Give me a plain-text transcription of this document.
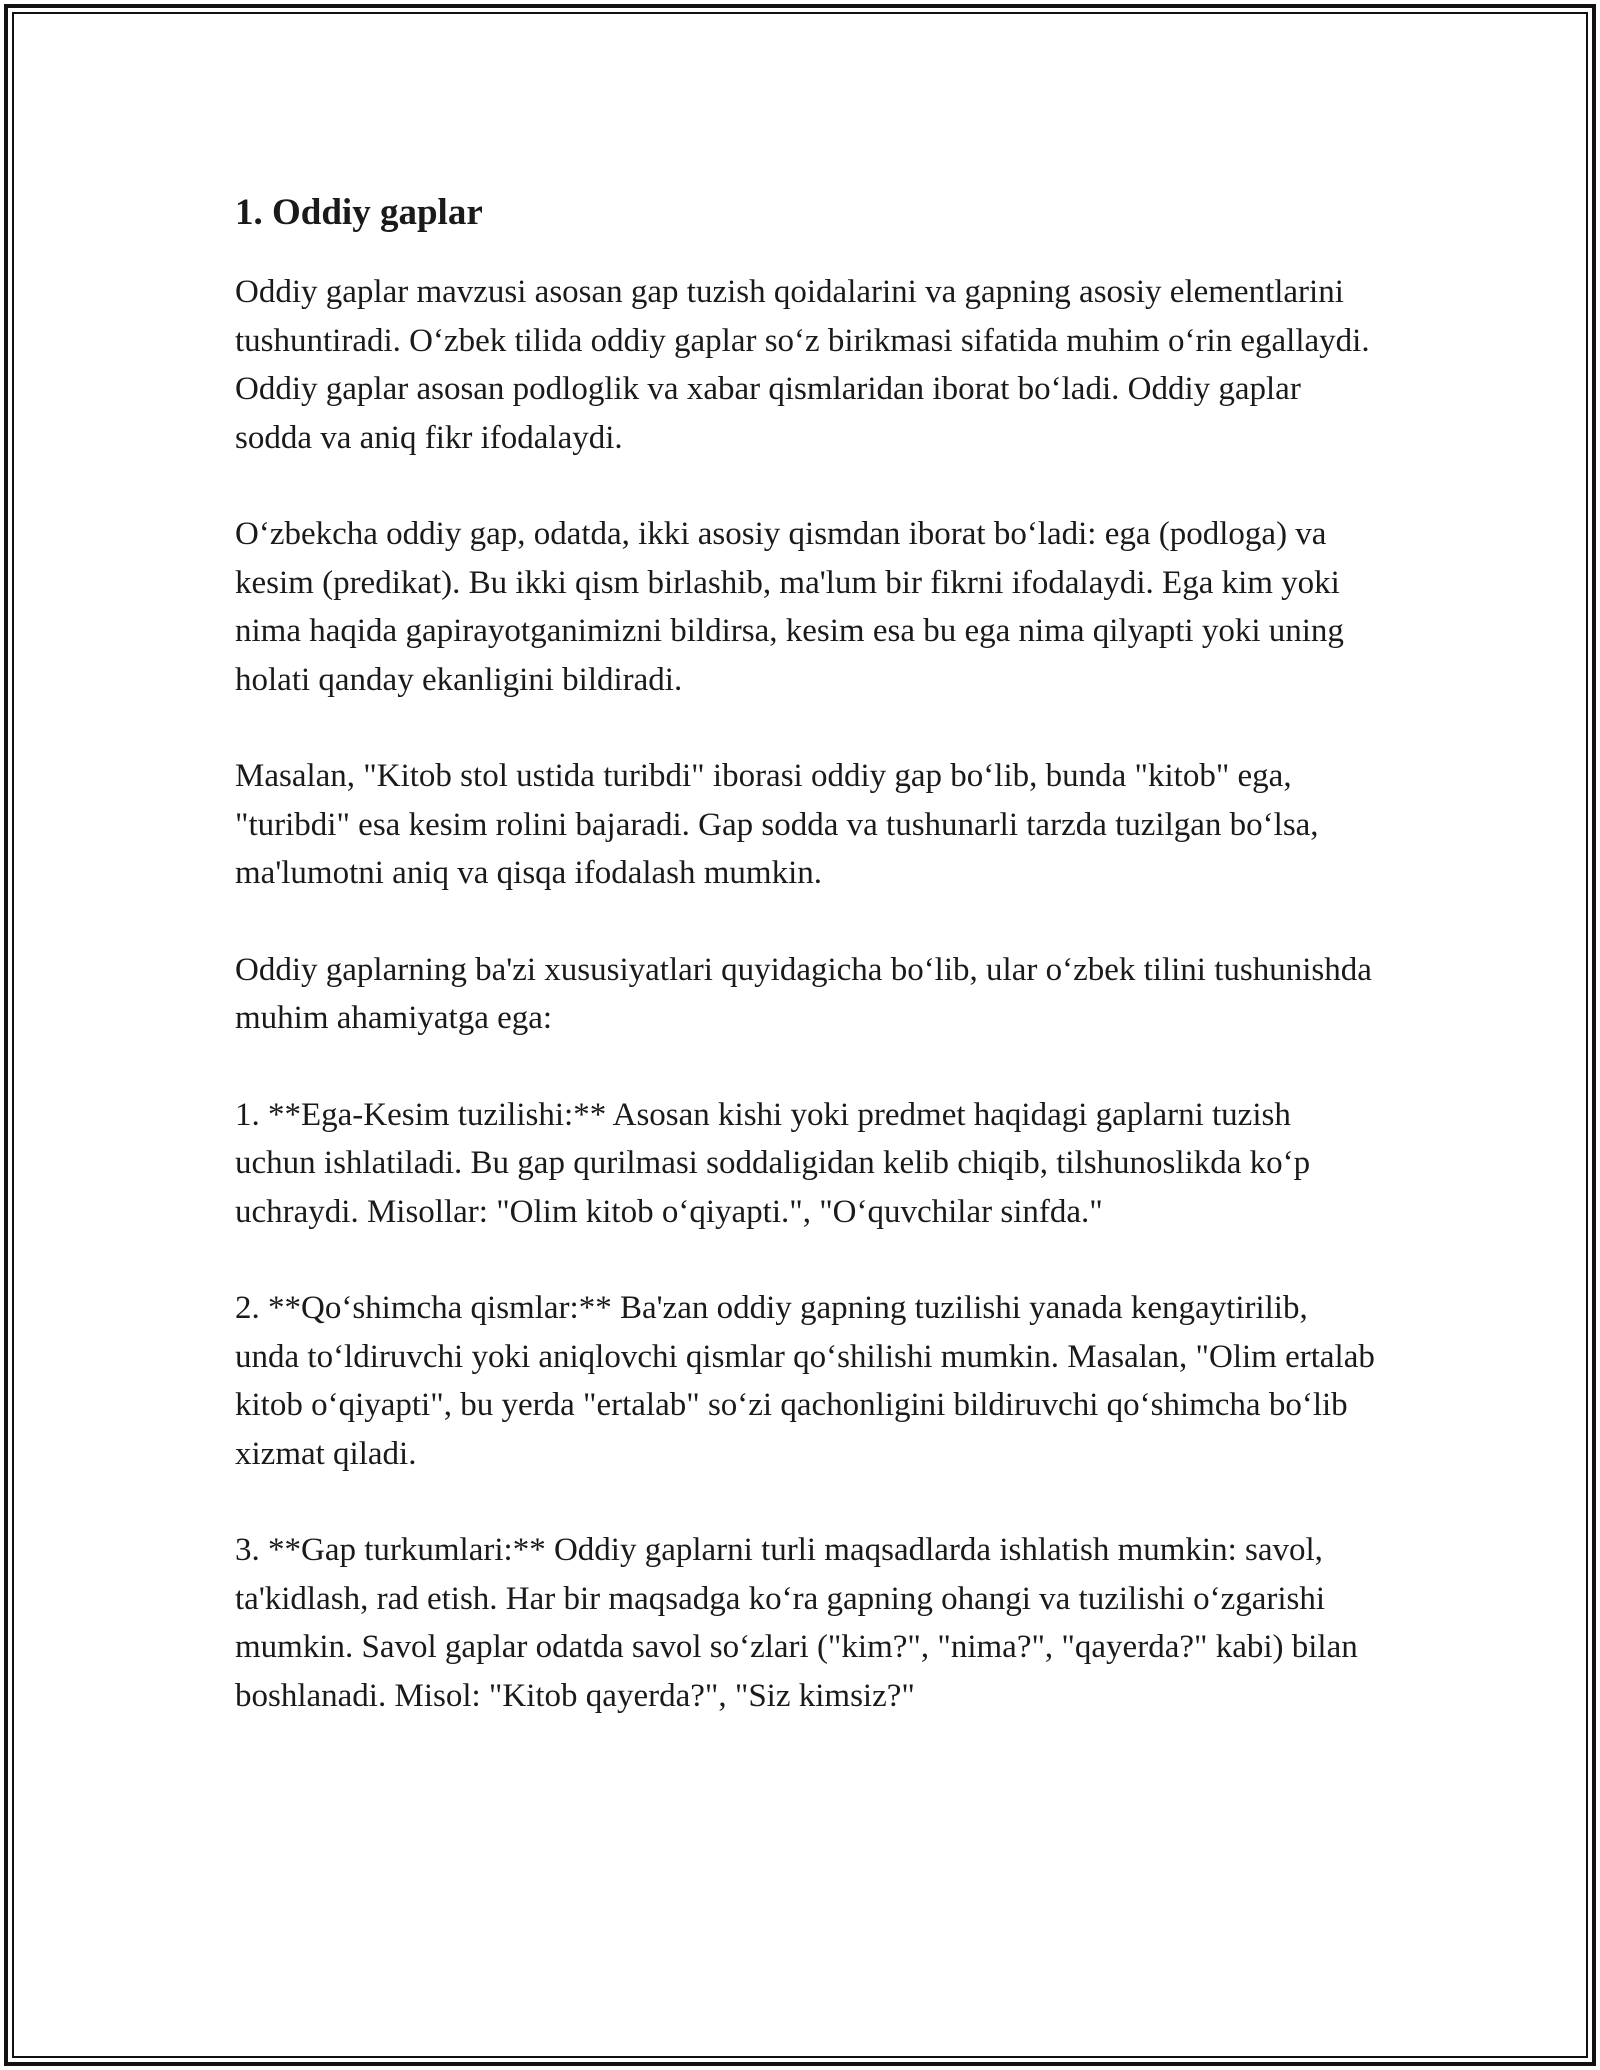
1. Oddiy gaplar

Oddiy gaplar mavzusi asosan gap tuzish qoidalarini va gapning asosiy elementlarini tushuntiradi. O‘zbek tilida oddiy gaplar so‘z birikmasi sifatida muhim o‘rin egallaydi. Oddiy gaplar asosan podloglik va xabar qismlaridan iborat bo‘ladi. Oddiy gaplar sodda va aniq fikr ifodalaydi.

O‘zbekcha oddiy gap, odatda, ikki asosiy qismdan iborat bo‘ladi: ega (podloga) va kesim (predikat). Bu ikki qism birlashib, ma'lum bir fikrni ifodalaydi. Ega kim yoki nima haqida gapirayotganimizni bildirsa, kesim esa bu ega nima qilyapti yoki uning holati qanday ekanligini bildiradi.

Masalan, "Kitob stol ustida turibdi" iborasi oddiy gap bo‘lib, bunda "kitob" ega, "turibdi" esa kesim rolini bajaradi. Gap sodda va tushunarli tarzda tuzilgan bo‘lsa, ma'lumotni aniq va qisqa ifodalash mumkin.

Oddiy gaplarning ba'zi xususiyatlari quyidagicha bo‘lib, ular o‘zbek tilini tushunishda muhim ahamiyatga ega:

1. **Ega-Kesim tuzilishi:** Asosan kishi yoki predmet haqidagi gaplarni tuzish uchun ishlatiladi. Bu gap qurilmasi soddaligidan kelib chiqib, tilshunoslikda ko‘p uchraydi. Misollar: "Olim kitob o‘qiyapti.", "O‘quvchilar sinfda."

2. **Qo‘shimcha qismlar:** Ba'zan oddiy gapning tuzilishi yanada kengaytirilib, unda to‘ldiruvchi yoki aniqlovchi qismlar qo‘shilishi mumkin. Masalan, "Olim ertalab kitob o‘qiyapti", bu yerda "ertalab" so‘zi qachonligini bildiruvchi qo‘shimcha bo‘lib xizmat qiladi.

3. **Gap turkumlari:** Oddiy gaplarni turli maqsadlarda ishlatish mumkin: savol, ta'kidlash, rad etish. Har bir maqsadga ko‘ra gapning ohangi va tuzilishi o‘zgarishi mumkin. Savol gaplar odatda savol so‘zlari ("kim?", "nima?", "qayerda?" kabi) bilan boshlanadi. Misol: "Kitob qayerda?", "Siz kimsiz?"
